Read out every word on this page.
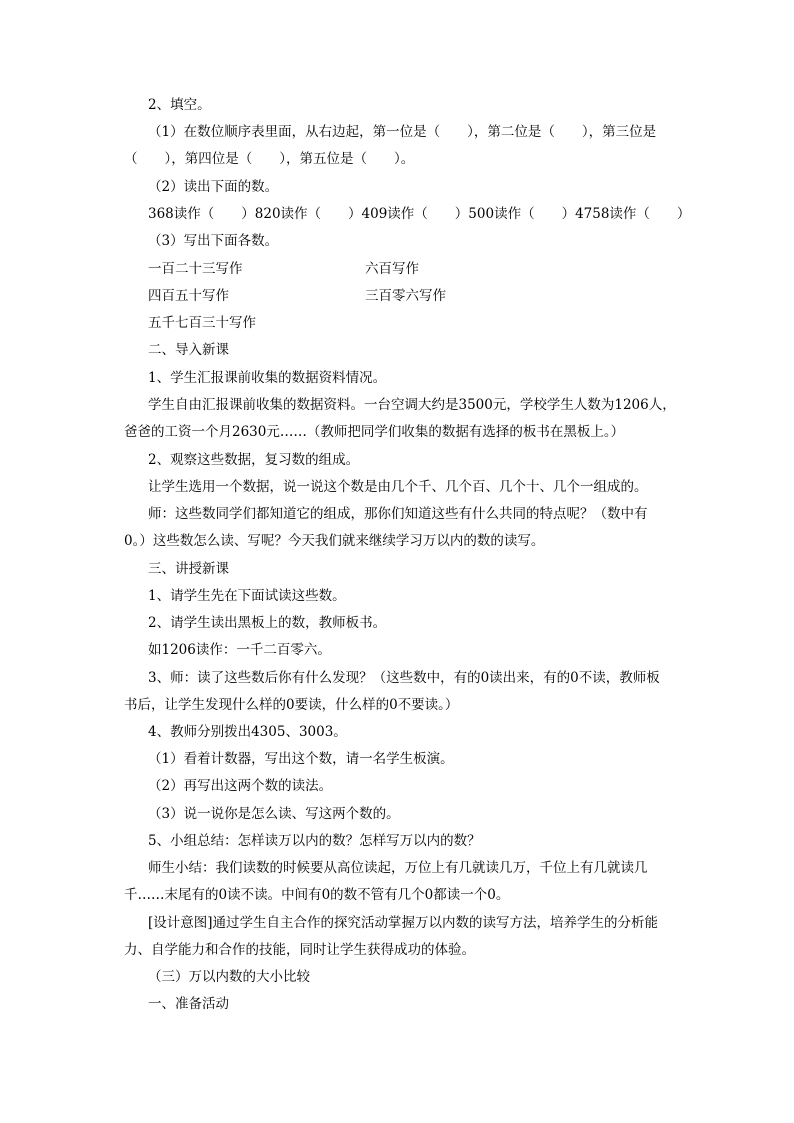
2、填空。
（1）在数位顺序表里面，从右边起，第一位是（　　），第二位是（　　），第三位是
（　　），第四位是（　　），第五位是（　　）。
（2）读出下面的数。
368读作（　　）820读作（　　）409读作（　　）500读作（　　）4758读作（　　）
（3）写出下面各数。
一百二十三写作	六百写作
四百五十写作	三百零六写作
五千七百三十写作
二、导入新课
1、学生汇报课前收集的数据资料情况。
学生自由汇报课前收集的数据资料。一台空调大约是3500元，学校学生人数为1206人，
爸爸的工资一个月2630元……（教师把同学们收集的数据有选择的板书在黑板上。）
2、观察这些数据，复习数的组成。
让学生选用一个数据，说一说这个数是由几个千、几个百、几个十、几个一组成的。
师：这些数同学们都知道它的组成，那你们知道这些有什么共同的特点呢？（数中有
0。）这些数怎么读、写呢？今天我们就来继续学习万以内的数的读写。
三、讲授新课
1、请学生先在下面试读这些数。
2、请学生读出黑板上的数，教师板书。
如1206读作：一千二百零六。
3、师：读了这些数后你有什么发现？（这些数中，有的0读出来，有的0不读，教师板
书后，让学生发现什么样的0要读，什么样的0不要读。）
4、教师分别拨出4305、3003。
（1）看着计数器，写出这个数，请一名学生板演。
（2）再写出这两个数的读法。
（3）说一说你是怎么读、写这两个数的。
5、小组总结：怎样读万以内的数？怎样写万以内的数？
师生小结：我们读数的时候要从高位读起，万位上有几就读几万，千位上有几就读几
千……末尾有的0读不读。中间有0的数不管有几个0都读一个0。
[设计意图]通过学生自主合作的探究活动掌握万以内数的读写方法，培养学生的分析能
力、自学能力和合作的技能，同时让学生获得成功的体验。
（三）万以内数的大小比较
一、准备活动
